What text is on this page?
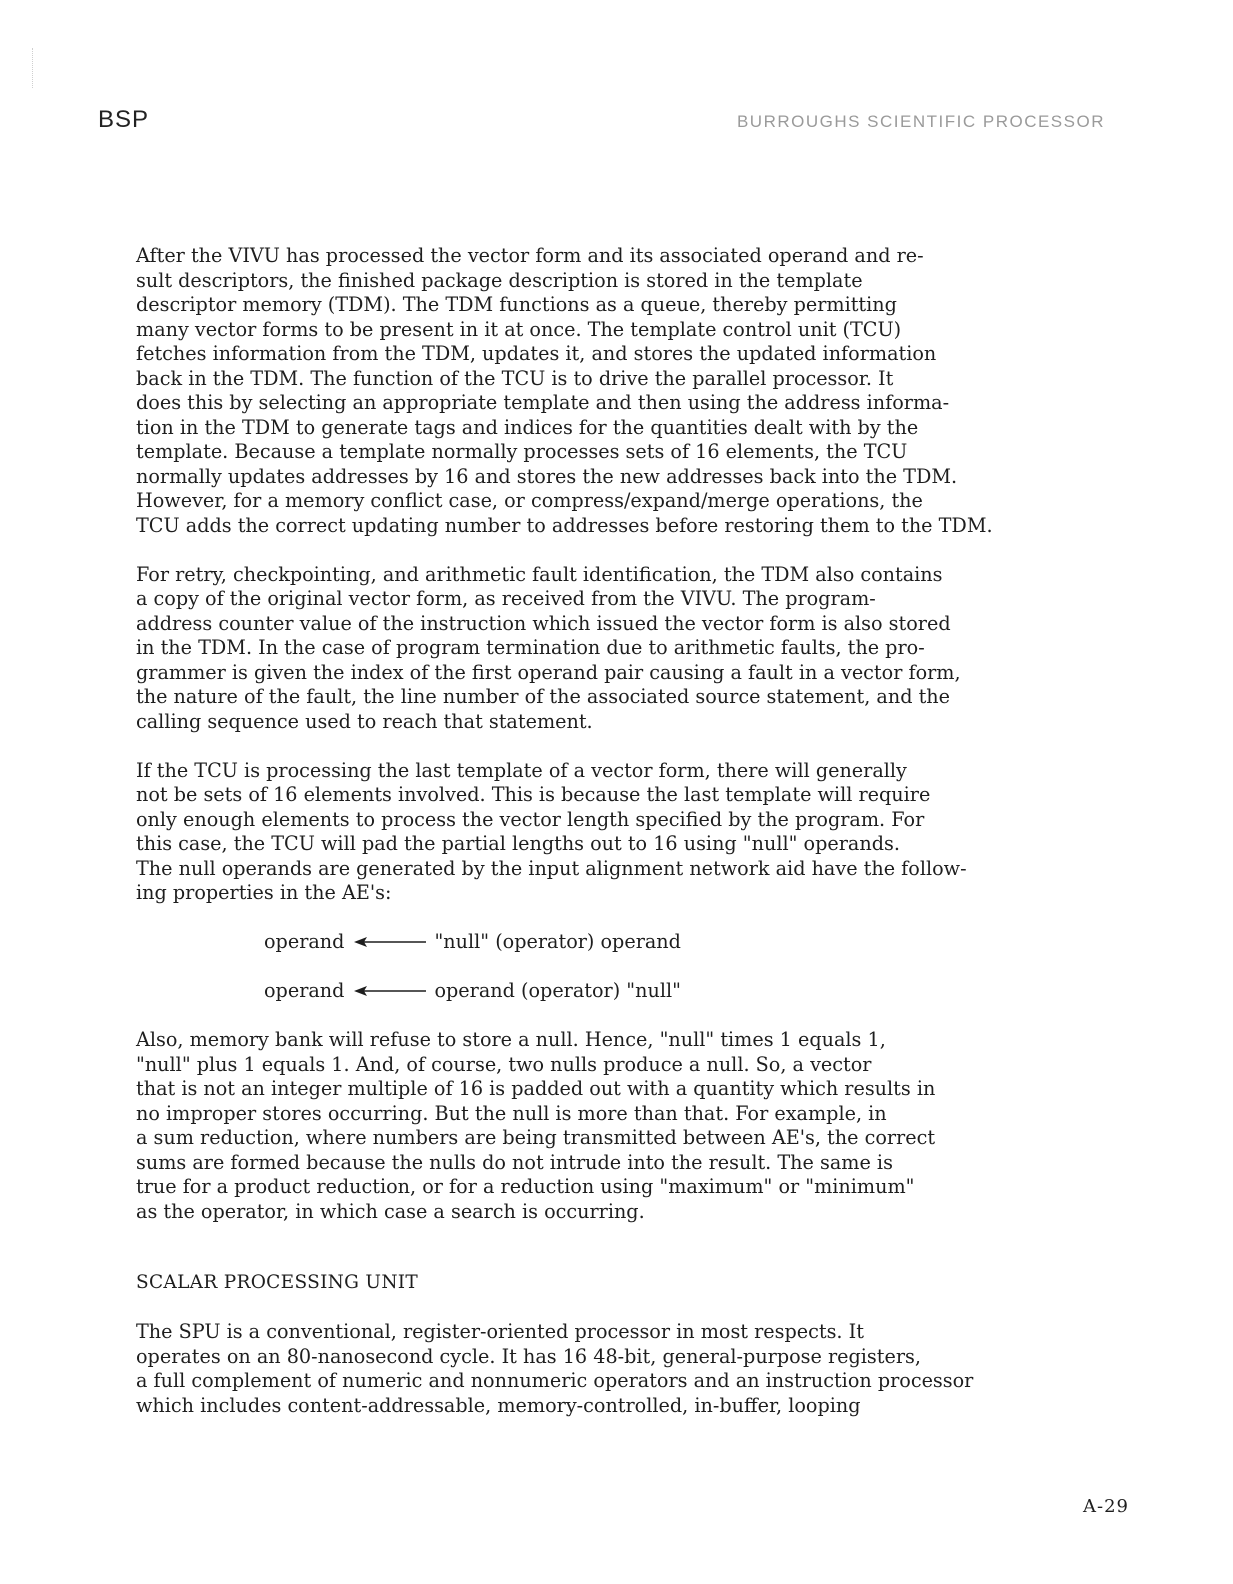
BSP	BURROUGHS SCIENTIFIC PROCESSOR
After the VIVU has processed the vector form and its associated operand and re-
sult descriptors, the finished package description is stored in the template
descriptor memory (TDM). The TDM functions as a queue, thereby permitting
many vector forms to be present in it at once. The template control unit (TCU)
fetches information from the TDM, updates it, and stores the updated information
back in the TDM. The function of the TCU is to drive the parallel processor. It
does this by selecting an appropriate template and then using the address informa-
tion in the TDM to generate tags and indices for the quantities dealt with by the
template. Because a template normally processes sets of 16 elements, the TCU
normally updates addresses by 16 and stores the new addresses back into the TDM.
However, for a memory conflict case, or compress/expand/merge operations, the
TCU adds the correct updating number to addresses before restoring them to the TDM.
For retry, checkpointing, and arithmetic fault identification, the TDM also contains
a copy of the original vector form, as received from the VIVU. The program-
address counter value of the instruction which issued the vector form is also stored
in the TDM. In the case of program termination due to arithmetic faults, the pro-
grammer is given the index of the first operand pair causing a fault in a vector form,
the nature of the fault, the line number of the associated source statement, and the
calling sequence used to reach that statement.
If the TCU is processing the last template of a vector form, there will generally
not be sets of 16 elements involved. This is because the last template will require
only enough elements to process the vector length specified by the program. For
this case, the TCU will pad the partial lengths out to 16 using "null" operands.
The null operands are generated by the input alignment network aid have the follow-
ing properties in the AE's:
operand	"null" (operator) operand
operand	operand (operator) "null"
Also, memory bank will refuse to store a null. Hence, "null" times 1 equals 1,
"null" plus 1 equals 1. And, of course, two nulls produce a null. So, a vector
that is not an integer multiple of 16 is padded out with a quantity which results in
no improper stores occurring. But the null is more than that. For example, in
a sum reduction, where numbers are being transmitted between AE's, the correct
sums are formed because the nulls do not intrude into the result. The same is
true for a product reduction, or for a reduction using "maximum" or "minimum"
as the operator, in which case a search is occurring.
SCALAR PROCESSING UNIT
The SPU is a conventional, register-oriented processor in most respects. It
operates on an 80-nanosecond cycle. It has 16 48-bit, general-purpose registers,
a full complement of numeric and nonnumeric operators and an instruction processor
which includes content-addressable, memory-controlled, in-buffer, looping
A-29
